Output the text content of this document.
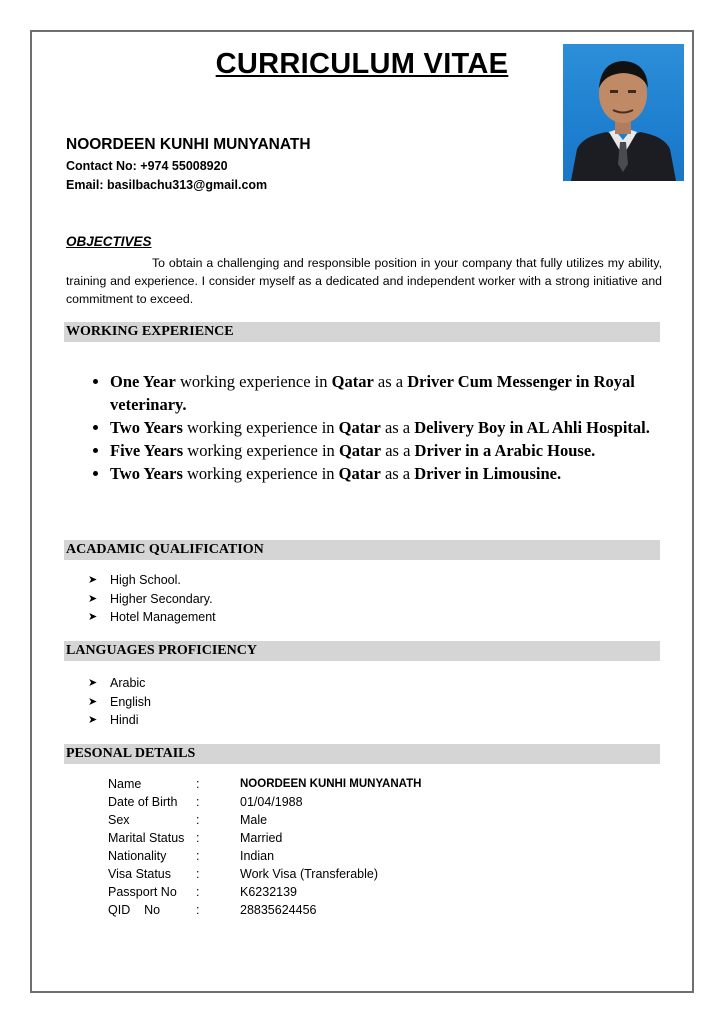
CURRICULUM VITAE
NOORDEEN KUNHI MUNYANATH
Contact No: +974 55008920
Email: basilbachu313@gmail.com
OBJECTIVES
To obtain a challenging and responsible position in your company that fully utilizes my ability, training and experience. I consider myself as a dedicated and independent worker with a strong initiative and commitment to exceed.
WORKING EXPERIENCE
• One Year working experience in Qatar as a Driver Cum Messenger in Royal veterinary.
• Two Years working experience in Qatar as a Delivery Boy in AL Ahli Hospital.
• Five Years working experience in Qatar as a Driver in a Arabic House.
• Two Years working experience in Qatar as a Driver in Limousine.
ACADAMIC QUALIFICATION
➤ High School.
➤ Higher Secondary.
➤ Hotel Management
LANGUAGES PROFICIENCY
➤ Arabic
➤ English
➤ Hindi
PESONAL DETAILS
Name	:	NOORDEEN KUNHI MUNYANATH
Date of Birth	:	01/04/1988
Sex	:	Male
Marital Status	:	Married
Nationality	:	Indian
Visa Status	:	Work Visa (Transferable)
Passport No	:	K6232139
QID    No	:	28835624456
